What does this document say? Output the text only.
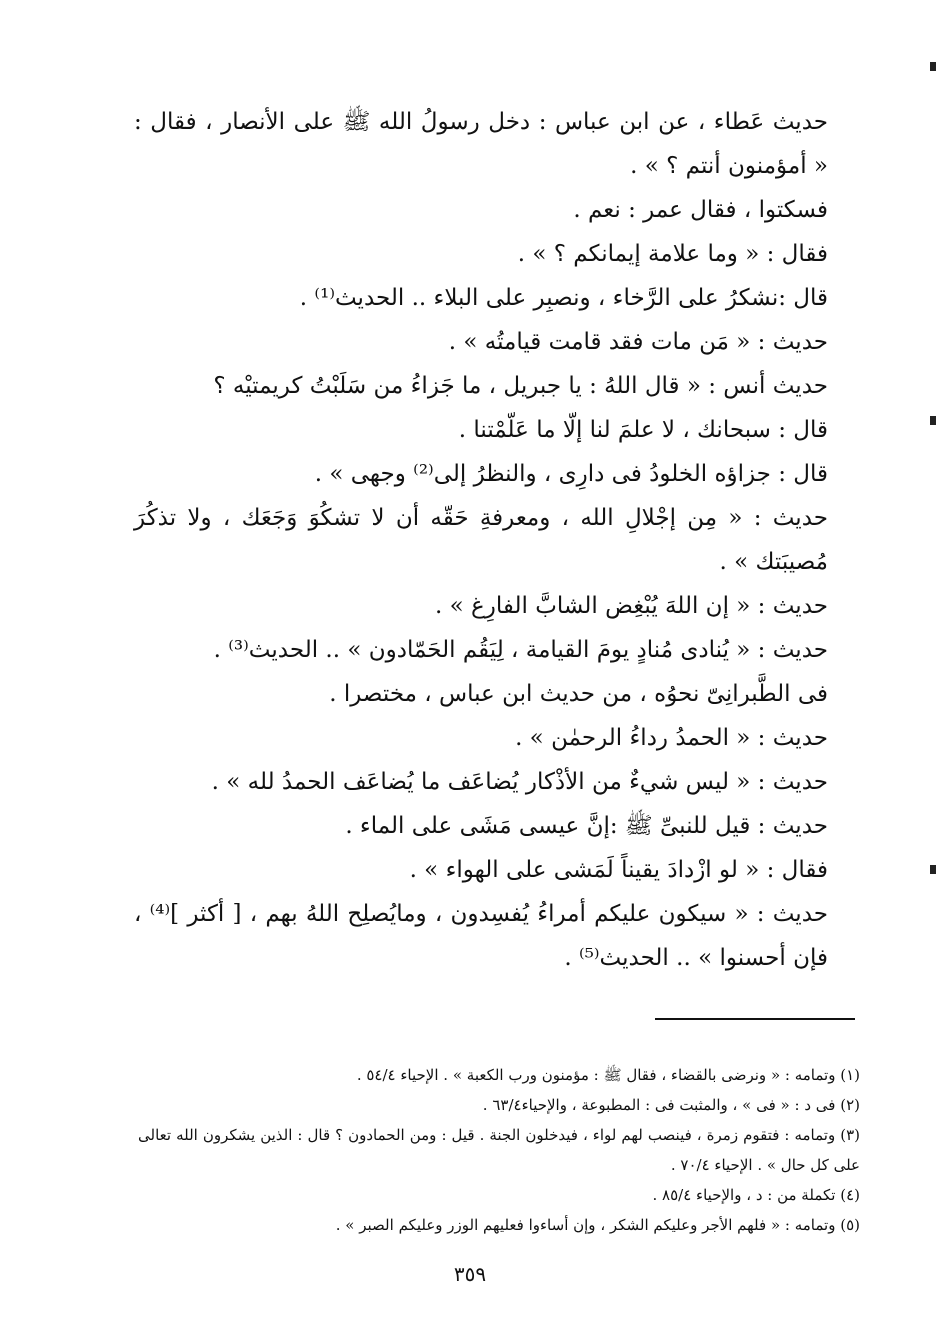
حديث عَطاء ، عن ابن عباس : دخل رسولُ الله ﷺ على الأنصار ، فقال : « أمؤمنون أنتم ؟ » .

فسكتوا ، فقال عمر : نعم .

فقال : « وما علامة إيمانكم ؟ » .

قال :نشكرُ على الرَّخاء ، ونصبِر على البلاء .. الحديث⁽¹⁾ .

حديث : « مَن مات فقد قامت قيامتُه » .

حديث أنس : « قال اللهُ : يا جبريل ، ما جَزاءُ من سَلَبْتُ كريمتيْه ؟

قال : سبحانك ، لا علمَ لنا إلّا ما عَلّمْتنا .

قال : جزاؤه الخلودُ فى دارِى ، والنظرُ إلى⁽²⁾ وجهى » .

حديث : « مِن إجْلالِ الله ، ومعرفةِ حَقّه أن لا تشكُوَ وَجَعَك ، ولا تذكُرَ مُصيبَتك » .

حديث : « إن اللهَ يُبْغِض الشابَّ الفارِغ » .

حديث : « يُنادى مُنادٍ يومَ القيامة ، لِيَقُم الحَمّادون » .. الحديث⁽³⁾ .

فى الطَّبرانِىّ نحوُه ، من حديث ابن عباس ، مختصرا .

حديث : « الحمدُ رداءُ الرحمٰن » .

حديث : « ليس شيءٌ من الأذْكار يُضاعَف ما يُضاعَف الحمدُ لله » .

حديث : قيل للنبىِّ ﷺ :إنَّ عيسى مَشَى على الماء .

فقال : « لو ازْدادَ يقيناً لَمَشى على الهواء » .

حديث : « سيكون عليكم أمراءُ يُفسِدون ، ومايُصلِح اللهُ بهم ، [ أكثر ]⁽⁴⁾ ، فإن أحسنوا » .. الحديث⁽⁵⁾ .

(١) وتمامه : « ونرضى بالقضاء ، فقال ﷺ : مؤمنون ورب الكعبة » . الإحياء ٥٤/٤ .

(٢) فى د : « فى » ، والمثبت فى : المطبوعة ، والإحياء٦٣/٤ .

(٣) وتمامه : فتقوم زمرة ، فينصب لهم لواء ، فيدخلون الجنة . قيل : ومن الحمادون ؟ قال : الذين يشكرون الله تعالى على كل حال » . الإحياء ٧٠/٤ .

(٤) تكملة من : د ، والإحياء ٨٥/٤ .

(٥) وتمامه : « فلهم الأجر وعليكم الشكر ، وإن أساءوا فعليهم الوزر وعليكم الصبر » .

٣٥٩
